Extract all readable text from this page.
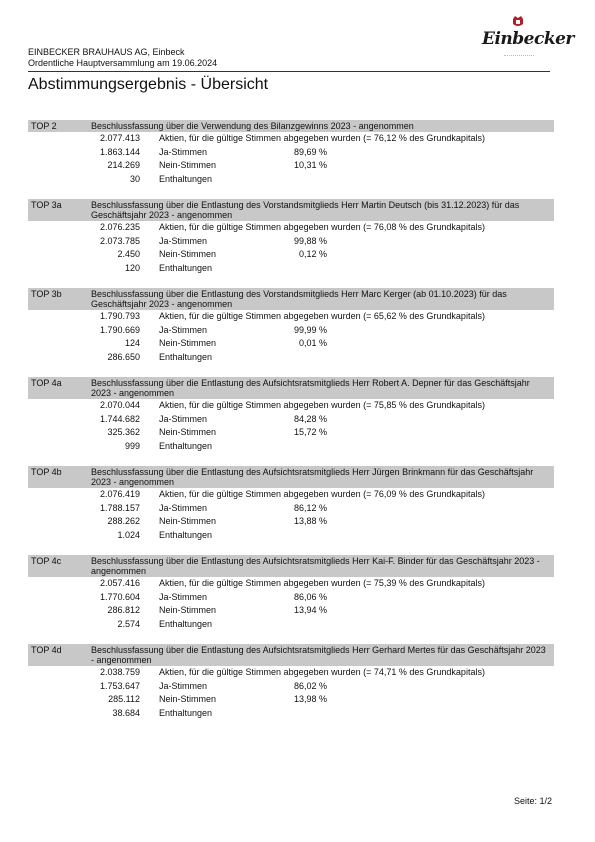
EINBECKER BRAUHAUS AG, Einbeck
Ordentliche Hauptversammlung am 19.06.2024
Einbecker
Abstimmungsergebnis - Übersicht
TOP 2	Beschlussfassung über die Verwendung des Bilanzgewinns 2023 - angenommen
2.077.413	Aktien, für die gültige Stimmen abgegeben wurden (= 76,12 % des Grundkapitals)
1.863.144	Ja-Stimmen	89,69 %
214.269	Nein-Stimmen	10,31 %
30	Enthaltungen
TOP 3a	Beschlussfassung über die Entlastung des Vorstandsmitglieds Herr Martin Deutsch (bis 31.12.2023) für das Geschäftsjahr 2023 - angenommen
2.076.235	Aktien, für die gültige Stimmen abgegeben wurden (= 76,08 % des Grundkapitals)
2.073.785	Ja-Stimmen	99,88 %
2.450	Nein-Stimmen	0,12 %
120	Enthaltungen
TOP 3b	Beschlussfassung über die Entlastung des Vorstandsmitglieds Herr Marc Kerger (ab 01.10.2023) für das Geschäftsjahr 2023 - angenommen
1.790.793	Aktien, für die gültige Stimmen abgegeben wurden (= 65,62 % des Grundkapitals)
1.790.669	Ja-Stimmen	99,99 %
124	Nein-Stimmen	0,01 %
286.650	Enthaltungen
TOP 4a	Beschlussfassung über die Entlastung des Aufsichtsratsmitglieds Herr Robert A. Depner für das Geschäftsjahr 2023 - angenommen
2.070.044	Aktien, für die gültige Stimmen abgegeben wurden (= 75,85 % des Grundkapitals)
1.744.682	Ja-Stimmen	84,28 %
325.362	Nein-Stimmen	15,72 %
999	Enthaltungen
TOP 4b	Beschlussfassung über die Entlastung des Aufsichtsratsmitglieds Herr Jürgen Brinkmann für das Geschäftsjahr 2023 - angenommen
2.076.419	Aktien, für die gültige Stimmen abgegeben wurden (= 76,09 % des Grundkapitals)
1.788.157	Ja-Stimmen	86,12 %
288.262	Nein-Stimmen	13,88 %
1.024	Enthaltungen
TOP 4c	Beschlussfassung über die Entlastung des Aufsichtsratsmitglieds Herr Kai-F. Binder für das Geschäftsjahr 2023 - angenommen
2.057.416	Aktien, für die gültige Stimmen abgegeben wurden (= 75,39 % des Grundkapitals)
1.770.604	Ja-Stimmen	86,06 %
286.812	Nein-Stimmen	13,94 %
2.574	Enthaltungen
TOP 4d	Beschlussfassung über die Entlastung des Aufsichtsratsmitglieds Herr Gerhard Mertes für das Geschäftsjahr 2023 - angenommen
2.038.759	Aktien, für die gültige Stimmen abgegeben wurden (= 74,71 % des Grundkapitals)
1.753.647	Ja-Stimmen	86,02 %
285.112	Nein-Stimmen	13,98 %
38.684	Enthaltungen
Seite: 1/2
